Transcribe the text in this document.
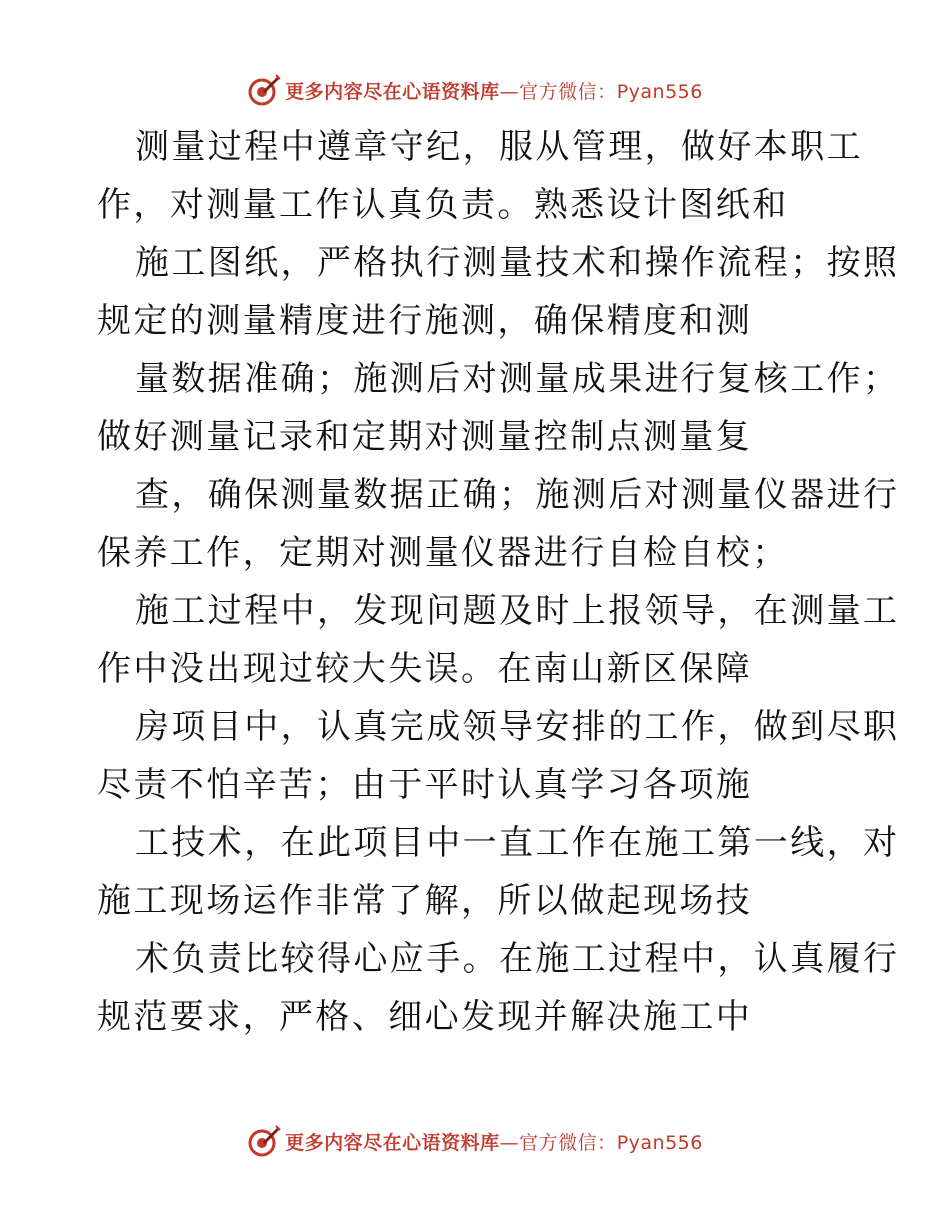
更多内容尽在心语资料库—官方微信：Pyan556
测量过程中遵章守纪，服从管理，做好本职工
作，对测量工作认真负责。熟悉设计图纸和
施工图纸，严格执行测量技术和操作流程；按照
规定的测量精度进行施测，确保精度和测
量数据准确；施测后对测量成果进行复核工作；
做好测量记录和定期对测量控制点测量复
查，确保测量数据正确；施测后对测量仪器进行
保养工作，定期对测量仪器进行自检自校；
施工过程中，发现问题及时上报领导，在测量工
作中没出现过较大失误。在南山新区保障
房项目中，认真完成领导安排的工作，做到尽职
尽责不怕辛苦；由于平时认真学习各项施
工技术，在此项目中一直工作在施工第一线，对
施工现场运作非常了解，所以做起现场技
术负责比较得心应手。在施工过程中，认真履行
规范要求，严格、细心发现并解决施工中
更多内容尽在心语资料库—官方微信：Pyan556
